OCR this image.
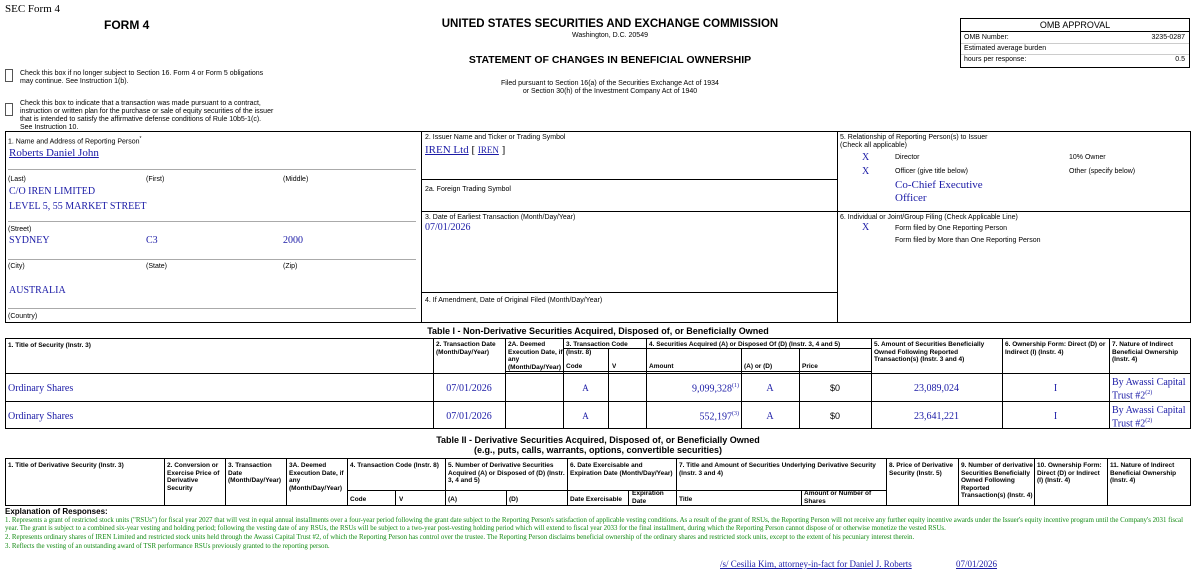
SEC Form 4
FORM 4	UNITED STATES SECURITIES AND EXCHANGE COMMISSION
Washington, D.C. 20549
STATEMENT OF CHANGES IN BENEFICIAL OWNERSHIP
Filed pursuant to Section 16(a) of the Securities Exchange Act of 1934
or Section 30(h) of the Investment Company Act of 1940
Check this box if no longer subject to Section 16. Form 4 or Form 5 obligations
may continue. See Instruction 1(b).
Check this box to indicate that a transaction was made pursuant to a contract,
instruction or written plan for the purchase or sale of equity securities of the issuer
that is intended to satisfy the affirmative defense conditions of Rule 10b5-1(c).
See Instruction 10.
OMB APPROVAL
OMB Number:	3235-0287
Estimated average burden
hours per response:	0.5
1. Name and Address of Reporting Person*
Roberts Daniel John
(Last)	(First)	(Middle)
C/O IREN LIMITED
LEVEL 5, 55 MARKET STREET
(Street)
SYDNEY	C3	2000
(City)	(State)	(Zip)
AUSTRALIA
(Country)
2. Issuer Name and Ticker or Trading Symbol
IREN Ltd [ IREN ]
2a. Foreign Trading Symbol
3. Date of Earliest Transaction (Month/Day/Year)
07/01/2026
4. If Amendment, Date of Original Filed (Month/Day/Year)
5. Relationship of Reporting Person(s) to Issuer
(Check all applicable)
X	Director	10% Owner
X	Officer (give title below)	Other (specify below)
Co-Chief Executive
Officer
6. Individual or Joint/Group Filing (Check Applicable Line)
X	Form filed by One Reporting Person
Form filed by More than One Reporting Person
Table I - Non-Derivative Securities Acquired, Disposed of, or Beneficially Owned
1. Title of Security (Instr. 3)	2. Transaction Date (Month/Day/Year)
2A. Deemed Execution Date, if any (Month/Day/Year)
3. Transaction Code (Instr. 8)
Code	V
4. Securities Acquired (A) or Disposed Of (D) (Instr. 3, 4 and 5)
Amount	(A) or (D)	Price
5. Amount of Securities Beneficially Owned Following Reported Transaction(s) (Instr. 3 and 4)
6. Ownership Form: Direct (D) or Indirect (I) (Instr. 4)
7. Nature of Indirect Beneficial Ownership (Instr. 4)
Ordinary Shares	07/01/2026	A	9,099,328$^{(1)}$	A	$0	23,089,024	I
By Awassi Capital
Trust #2$^{(2)}$
Ordinary Shares	07/01/2026	A	552,197$^{(3)}$	A	$0	23,641,221	I
By Awassi Capital
Trust #2$^{(2)}$
Table II - Derivative Securities Acquired, Disposed of, or Beneficially Owned
(e.g., puts, calls, warrants, options, convertible securities)
1. Title of Derivative Security (Instr. 3)	2. Conversion or Exercise Price of Derivative Security
3. Transaction Date (Month/Day/Year)
3A. Deemed Execution Date, if any (Month/Day/Year)
4. Transaction Code (Instr. 8)
Code	V
5. Number of Derivative Securities Acquired (A) or Disposed of (D) (Instr. 3, 4 and 5)
(A)	(D)
6. Date Exercisable and Expiration Date (Month/Day/Year)
Date Exercisable
Expiration Date
7. Title and Amount of Securities Underlying Derivative Security (Instr. 3 and 4)
Title
Amount or Number of Shares
8. Price of Derivative Security (Instr. 5)
9. Number of derivative Securities Beneficially Owned Following Reported Transaction(s) (Instr. 4)
10. Ownership Form: Direct (D) or Indirect (I) (Instr. 4)
11. Nature of Indirect Beneficial Ownership (Instr. 4)
Explanation of Responses:
1. Represents a grant of restricted stock units ("RSUs") for fiscal year 2027 that will vest in equal annual installments over a four-year period following the grant date subject to the Reporting Person's satisfaction of applicable vesting conditions. As a result of the grant of RSUs, the Reporting Person will not receive any further equity incentive awards under the Issuer's equity incentive program until the Company's 2031 fiscal year. The grant is subject to a combined six-year vesting and holding period; following the vesting date of any RSUs, the RSUs will be subject to a two-year post-vesting holding period which will extend to fiscal year 2033 for the final installment, during which the Reporting Person cannot dispose of or otherwise monetize the vested RSUs.
2. Represents ordinary shares of IREN Limited and restricted stock units held through the Awassi Capital Trust #2, of which the Reporting Person has control over the trustee. The Reporting Person disclaims beneficial ownership of the ordinary shares and restricted stock units, except to the extent of his pecuniary interest therein.
3. Reflects the vesting of an outstanding award of TSR performance RSUs previously granted to the reporting person.
/s/ Cesilia Kim, attorney-in-fact for Daniel J. Roberts	07/01/2026
